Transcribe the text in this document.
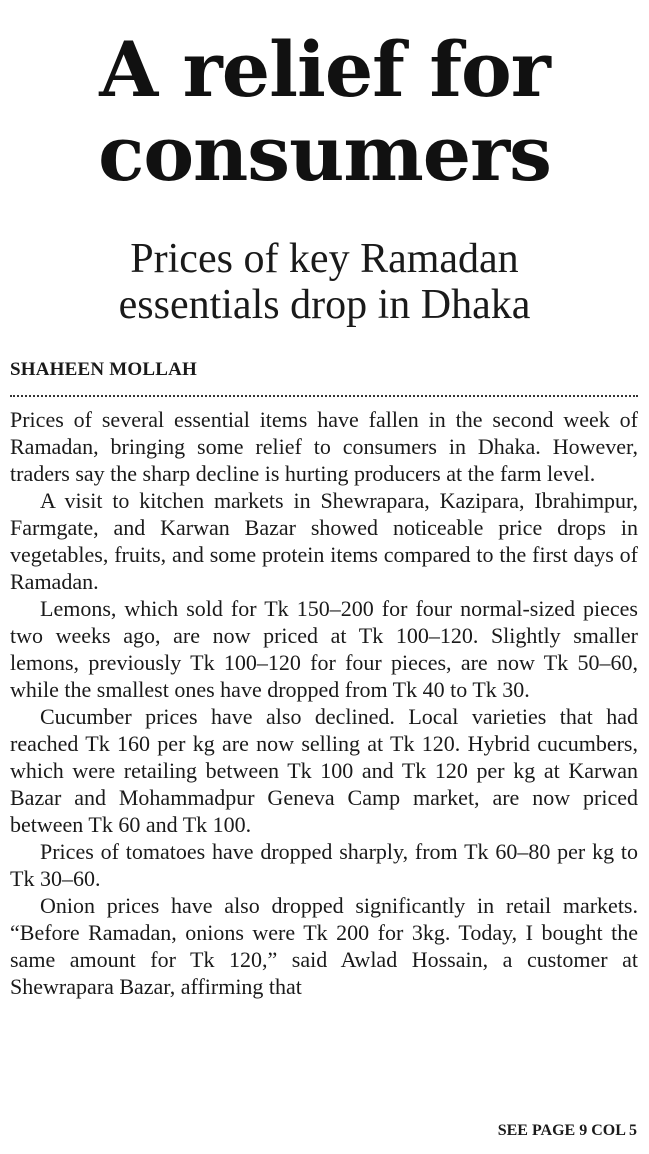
A relief for
consumers
Prices of key Ramadan
essentials drop in Dhaka
SHAHEEN MOLLAH

Prices of several essential items have fallen in the second week of Ramadan, bringing some relief to consumers in Dhaka. However, traders say the sharp decline is hurting producers at the farm level.

A visit to kitchen markets in Shewrapara, Kazipara, Ibrahimpur, Farmgate, and Karwan Bazar showed noticeable price drops in vegetables, fruits, and some protein items compared to the first days of Ramadan.

Lemons, which sold for Tk 150–200 for four normal-sized pieces two weeks ago, are now priced at Tk 100–120. Slightly smaller lemons, previously Tk 100–120 for four pieces, are now Tk 50–60, while the smallest ones have dropped from Tk 40 to Tk 30.

Cucumber prices have also declined. Local varieties that had reached Tk 160 per kg are now selling at Tk 120. Hybrid cucumbers, which were retailing between Tk 100 and Tk 120 per kg at Karwan Bazar and Mohammadpur Geneva Camp market, are now priced between Tk 60 and Tk 100.

Prices of tomatoes have dropped sharply, from Tk 60–80 per kg to Tk 30–60.

Onion prices have also dropped significantly in retail markets. “Before Ramadan, onions were Tk 200 for 3kg. Today, I bought the same amount for Tk 120,” said Awlad Hossain, a customer at Shewrapara Bazar, affirming that

SEE PAGE 9 COL 5
